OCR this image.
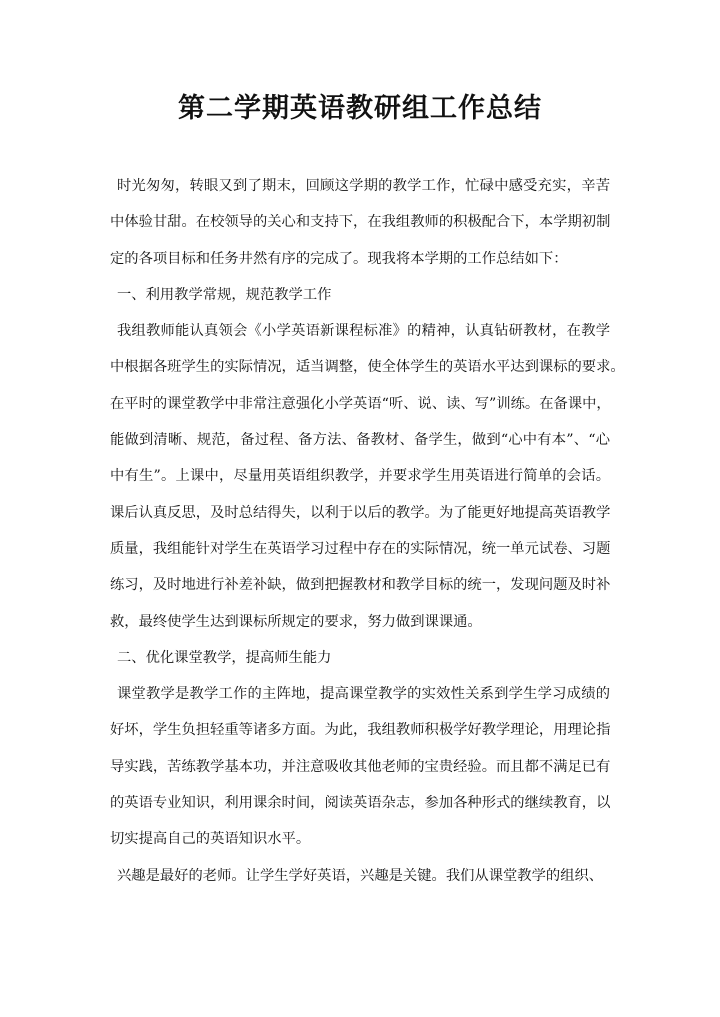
第二学期英语教研组工作总结
时光匆匆，转眼又到了期末，回顾这学期的教学工作，忙碌中感受充实，辛苦
中体验甘甜。在校领导的关心和支持下，在我组教师的积极配合下，本学期初制
定的各项目标和任务井然有序的完成了。现我将本学期的工作总结如下：
一、利用教学常规，规范教学工作
我组教师能认真领会《小学英语新课程标准》的精神，认真钻研教材，在教学
中根据各班学生的实际情况，适当调整，使全体学生的英语水平达到课标的要求。
在平时的课堂教学中非常注意强化小学英语“听、说、读、写”训练。在备课中，
能做到清晰、规范，备过程、备方法、备教材、备学生，做到“心中有本”、“心
中有生”。上课中，尽量用英语组织教学，并要求学生用英语进行简单的会话。
课后认真反思，及时总结得失，以利于以后的教学。为了能更好地提高英语教学
质量，我组能针对学生在英语学习过程中存在的实际情况，统一单元试卷、习题
练习，及时地进行补差补缺，做到把握教材和教学目标的统一，发现问题及时补
救，最终使学生达到课标所规定的要求，努力做到课课通。
二、优化课堂教学，提高师生能力
课堂教学是教学工作的主阵地，提高课堂教学的实效性关系到学生学习成绩的
好坏，学生负担轻重等诸多方面。为此，我组教师积极学好教学理论，用理论指
导实践，苦练教学基本功，并注意吸收其他老师的宝贵经验。而且都不满足已有
的英语专业知识，利用课余时间，阅读英语杂志，参加各种形式的继续教育，以
切实提高自己的英语知识水平。
兴趣是最好的老师。让学生学好英语，兴趣是关键。我们从课堂教学的组织、
